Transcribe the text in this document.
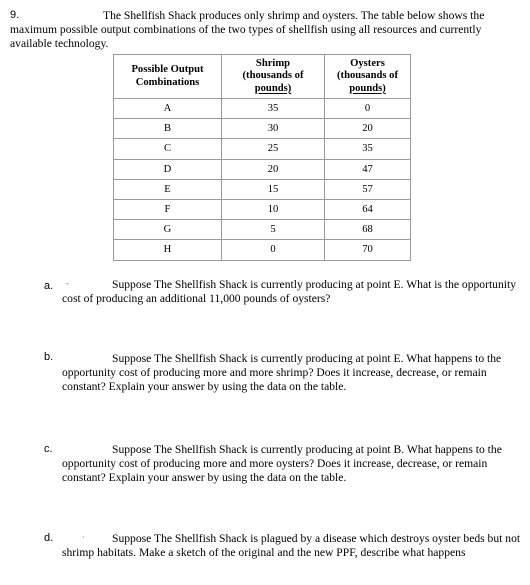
9.	The Shellfish Shack produces only shrimp and oysters. The table below shows the maximum possible output combinations of the two types of shellfish using all resources and currently available technology.
Possible Output
Combinations	Shrimp
(thousands of
pounds)	Oysters
(thousands of
pounds)
A	35	0
B	30	20
C	25	35
D	20	47
E	15	57
F	10	64
G	5	68
H	0	70
a. -	Suppose The Shellfish Shack is currently producing at point E. What is the opportunity cost of producing an additional 11,000 pounds of oysters?
b.	Suppose The Shellfish Shack is currently producing at point E. What happens to the opportunity cost of producing more and more shrimp? Does it increase, decrease, or remain constant? Explain your answer by using the data on the table.
c.	Suppose The Shellfish Shack is currently producing at point B. What happens to the opportunity cost of producing more and more oysters? Does it increase, decrease, or remain constant? Explain your answer by using the data on the table.
d.	·	Suppose The Shellfish Shack is plagued by a disease which destroys oyster beds but not shrimp habitats. Make a sketch of the original and the new PPF, describe what happens
